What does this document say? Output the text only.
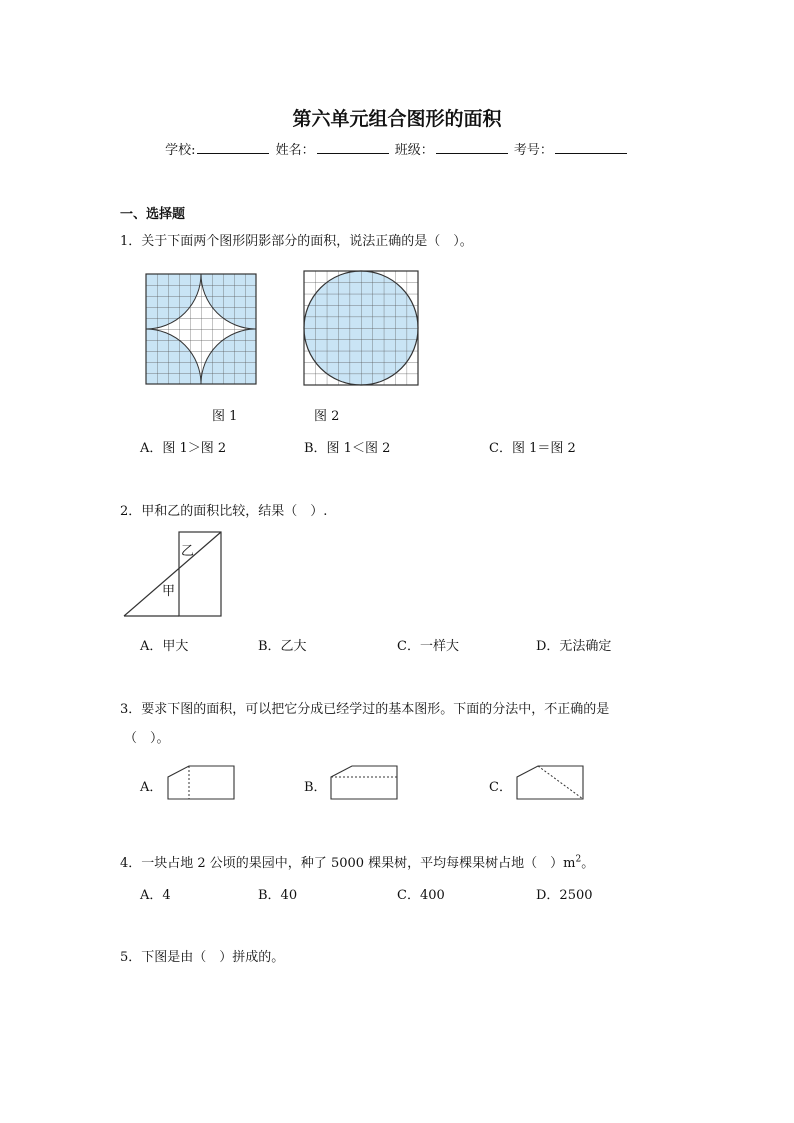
第六单元组合图形的面积
学校:	姓名：	班级：	考号：
一、选择题
1．关于下面两个图形阴影部分的面积，说法正确的是（　）。
图 1	图 2
A．图 1＞图 2	B．图 1＜图 2	C．图 1＝图 2
2．甲和乙的面积比较，结果（　）.
乙
甲
A．甲大	B．乙大	C．一样大	D．无法确定
3．要求下图的面积，可以把它分成已经学过的基本图形。下面的分法中，不正确的是
（　）。
A．	B．	C．
4．一块占地 2 公顷的果园中，种了 5000 棵果树，平均每棵果树占地（　）$m^2$。
A．4	B．40	C．400	D．2500
5．下图是由（　）拼成的。
